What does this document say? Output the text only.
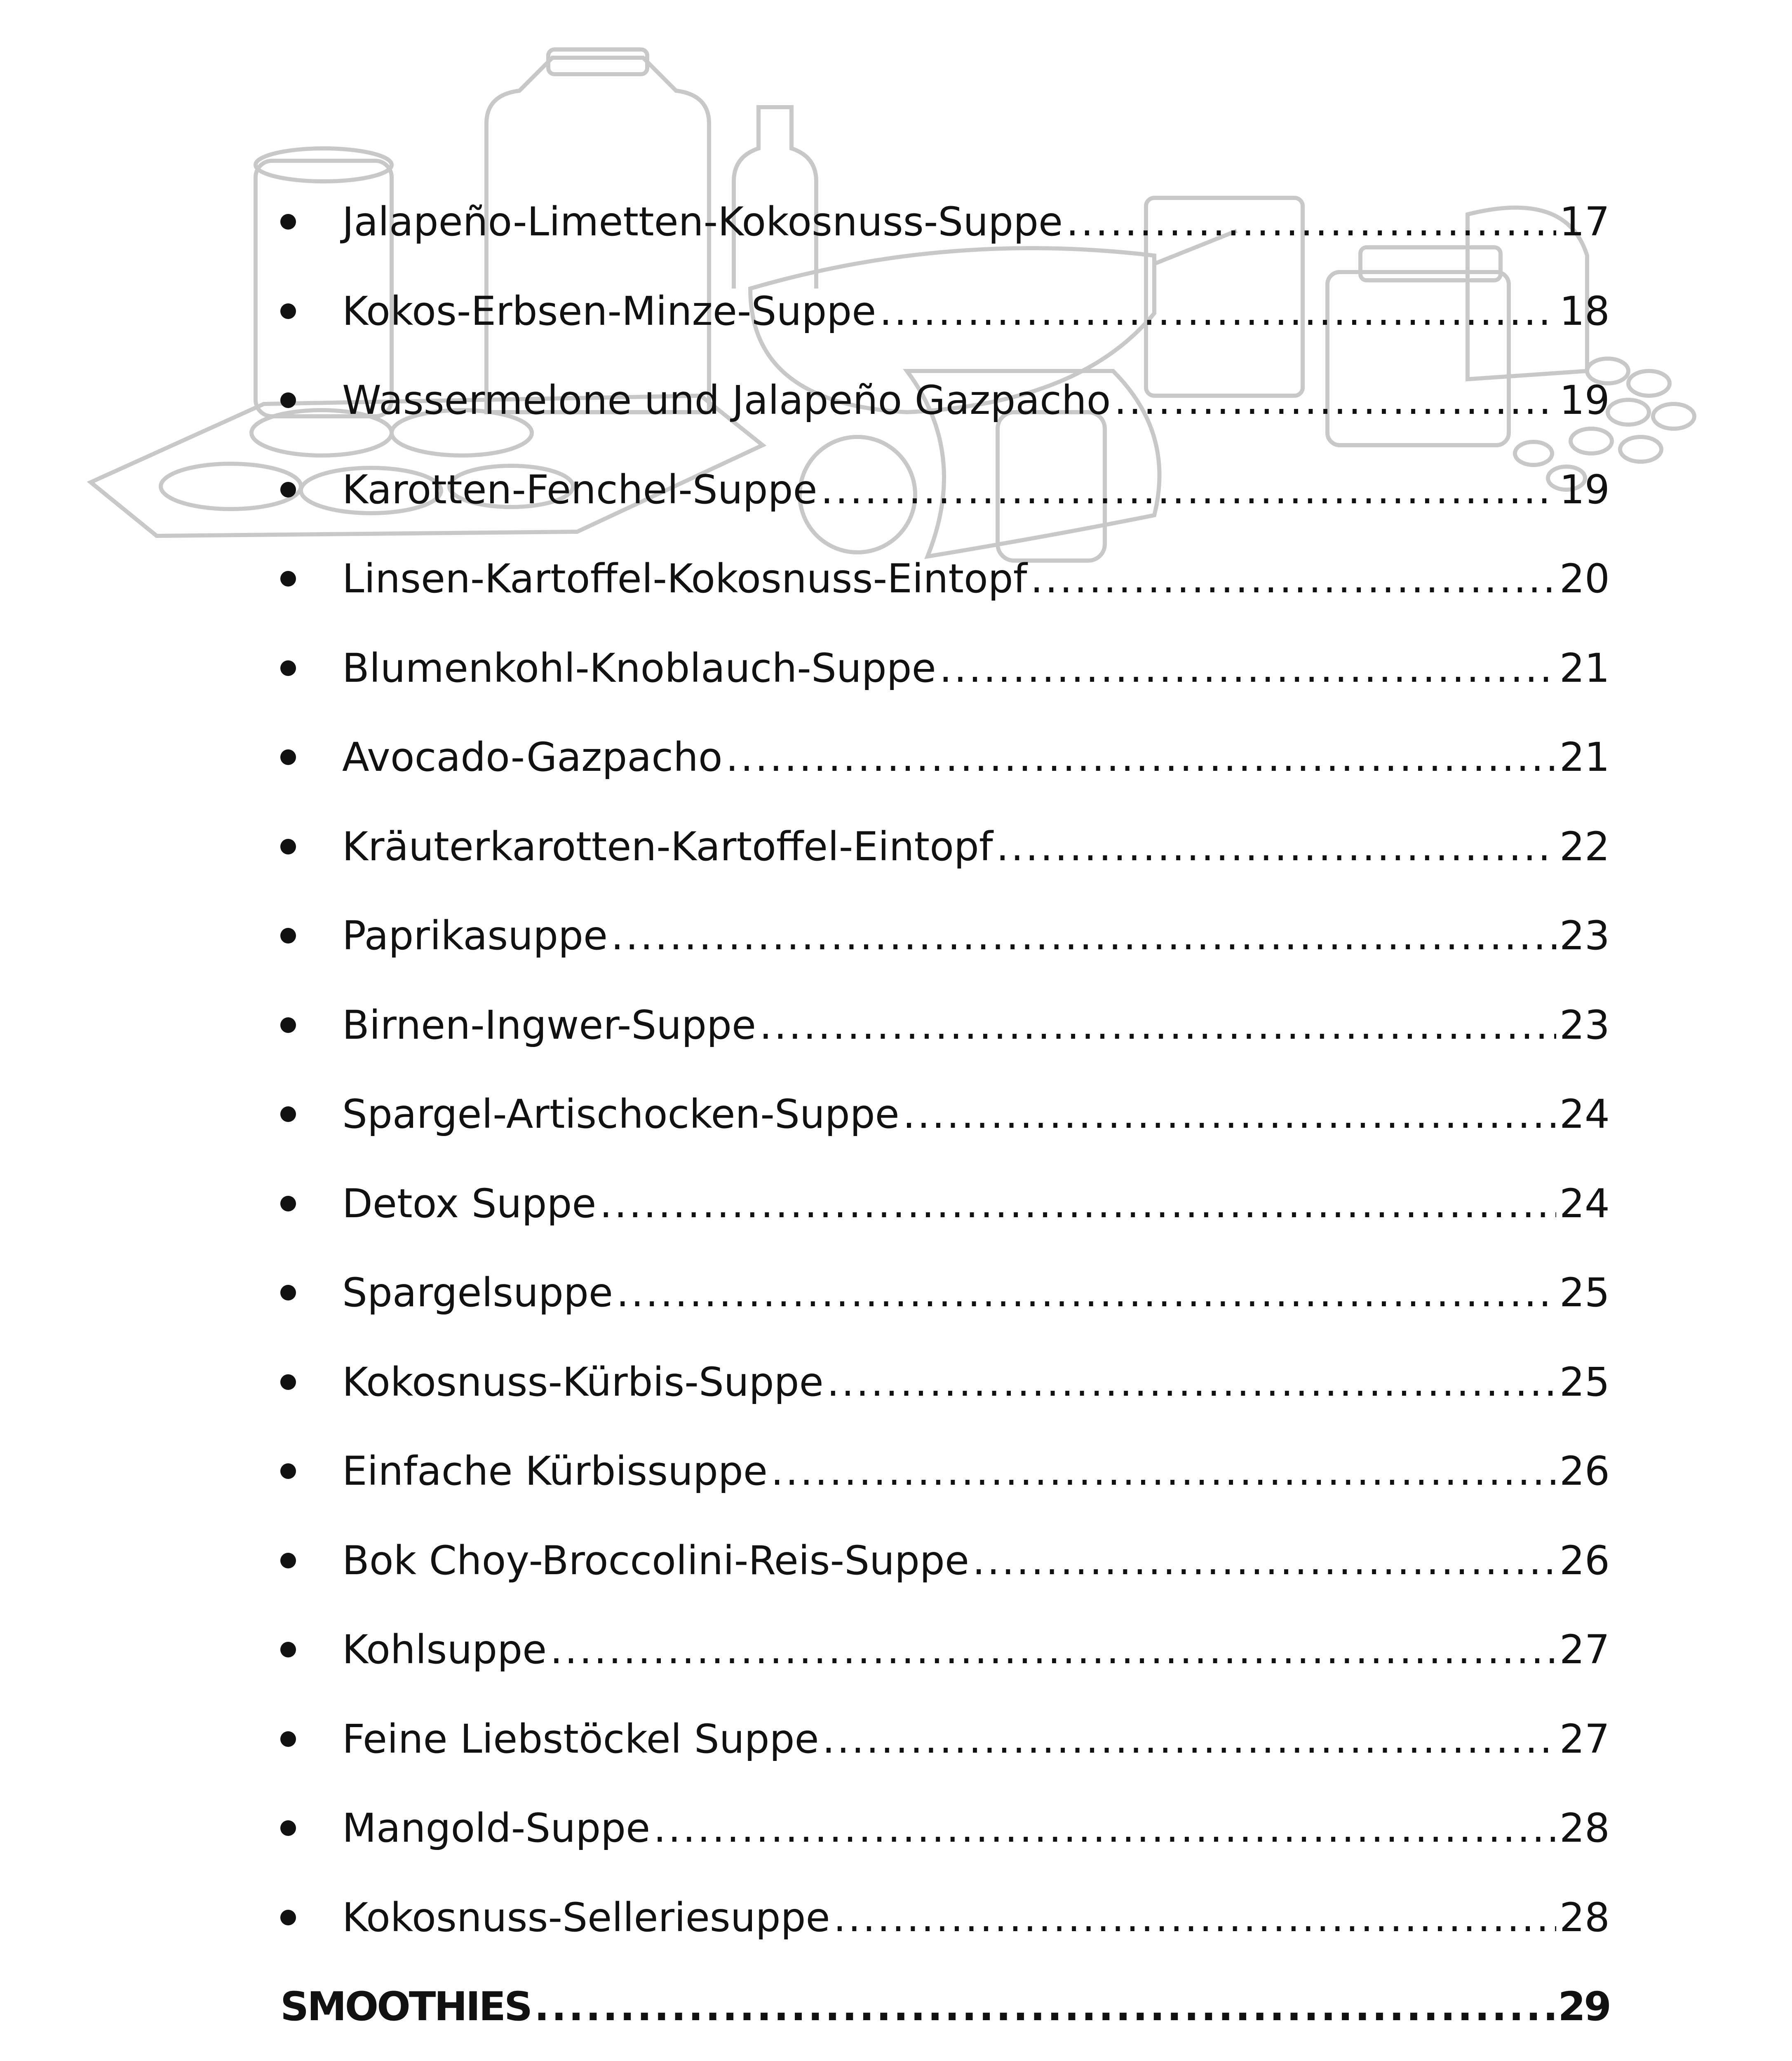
Jalapeño-Limetten-Kokosnuss-Suppe .....	17
Kokos-Erbsen-Minze-Suppe .....	18
Wassermelone und Jalapeño Gazpacho .....	19
Karotten-Fenchel-Suppe .....	19
Linsen-Kartoffel-Kokosnuss-Eintopf .....	20
Blumenkohl-Knoblauch-Suppe .....	21
Avocado-Gazpacho .....	21
Kräuterkarotten-Kartoffel-Eintopf .....	22
Paprikasuppe .....	23
Birnen-Ingwer-Suppe .....	23
Spargel-Artischocken-Suppe .....	24
Detox Suppe .....	24
Spargelsuppe .....	25
Kokosnuss-Kürbis-Suppe .....	25
Einfache Kürbissuppe .....	26
Bok Choy-Broccolini-Reis-Suppe .....	26
Kohlsuppe .....	27
Feine Liebstöckel Suppe .....	27
Mangold-Suppe .....	28
Kokosnuss-Selleriesuppe .....	28
SMOOTHIES .....	29
